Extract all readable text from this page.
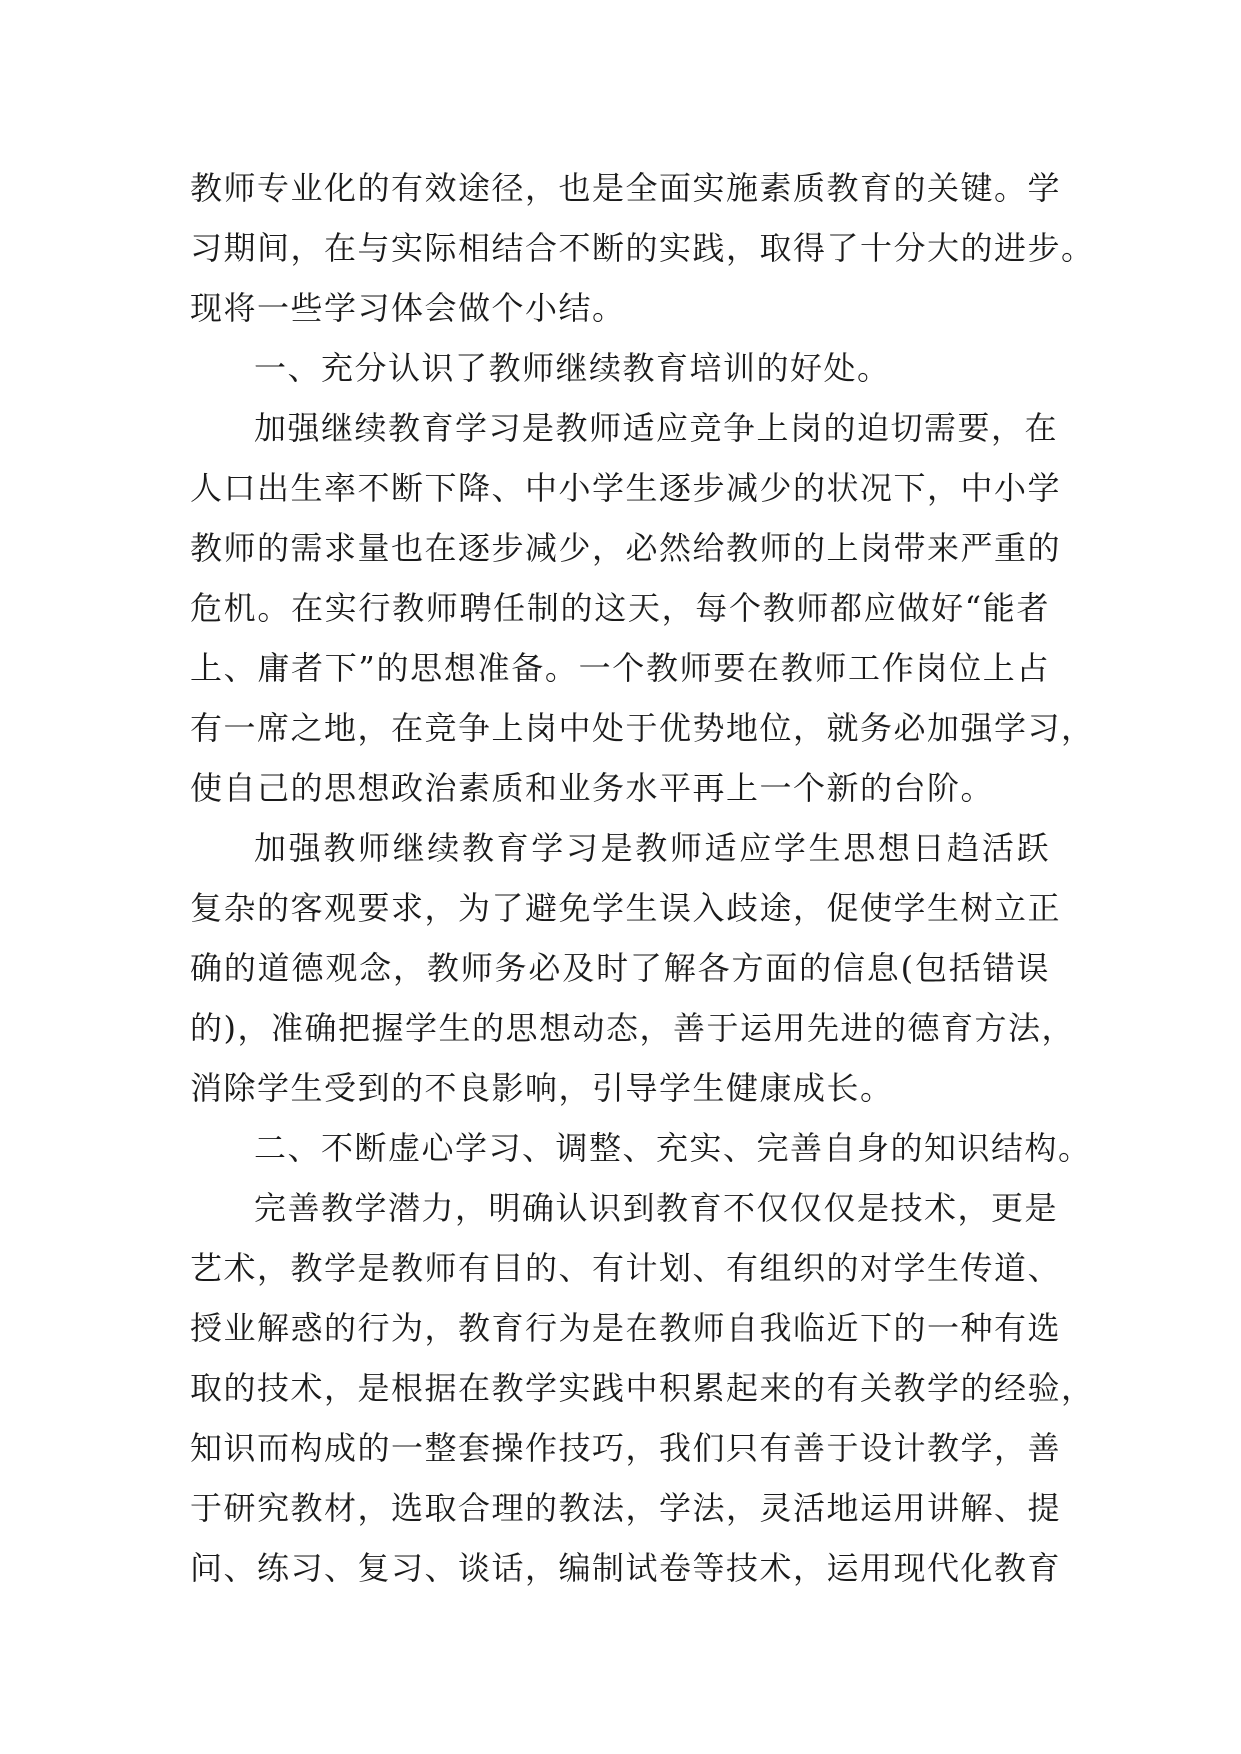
教师专业化的有效途径，也是全面实施素质教育的关键。学

习期间，在与实际相结合不断的实践，取得了十分大的进步。

现将一些学习体会做个小结。

一、充分认识了教师继续教育培训的好处。

加强继续教育学习是教师适应竞争上岗的迫切需要，在

人口出生率不断下降、中小学生逐步减少的状况下，中小学

教师的需求量也在逐步减少，必然给教师的上岗带来严重的

危机。在实行教师聘任制的这天，每个教师都应做好“能者

上、庸者下”的思想准备。一个教师要在教师工作岗位上占

有一席之地，在竞争上岗中处于优势地位，就务必加强学习，

使自己的思想政治素质和业务水平再上一个新的台阶。

加强教师继续教育学习是教师适应学生思想日趋活跃

复杂的客观要求，为了避免学生误入歧途，促使学生树立正

确的道德观念，教师务必及时了解各方面的信息(包括错误

的)，准确把握学生的思想动态，善于运用先进的德育方法，

消除学生受到的不良影响，引导学生健康成长。

二、不断虚心学习、调整、充实、完善自身的知识结构。

完善教学潜力，明确认识到教育不仅仅仅是技术，更是

艺术，教学是教师有目的、有计划、有组织的对学生传道、

授业解惑的行为，教育行为是在教师自我临近下的一种有选

取的技术，是根据在教学实践中积累起来的有关教学的经验，

知识而构成的一整套操作技巧，我们只有善于设计教学，善

于研究教材，选取合理的教法，学法，灵活地运用讲解、提

问、练习、复习、谈话，编制试卷等技术，运用现代化教育
